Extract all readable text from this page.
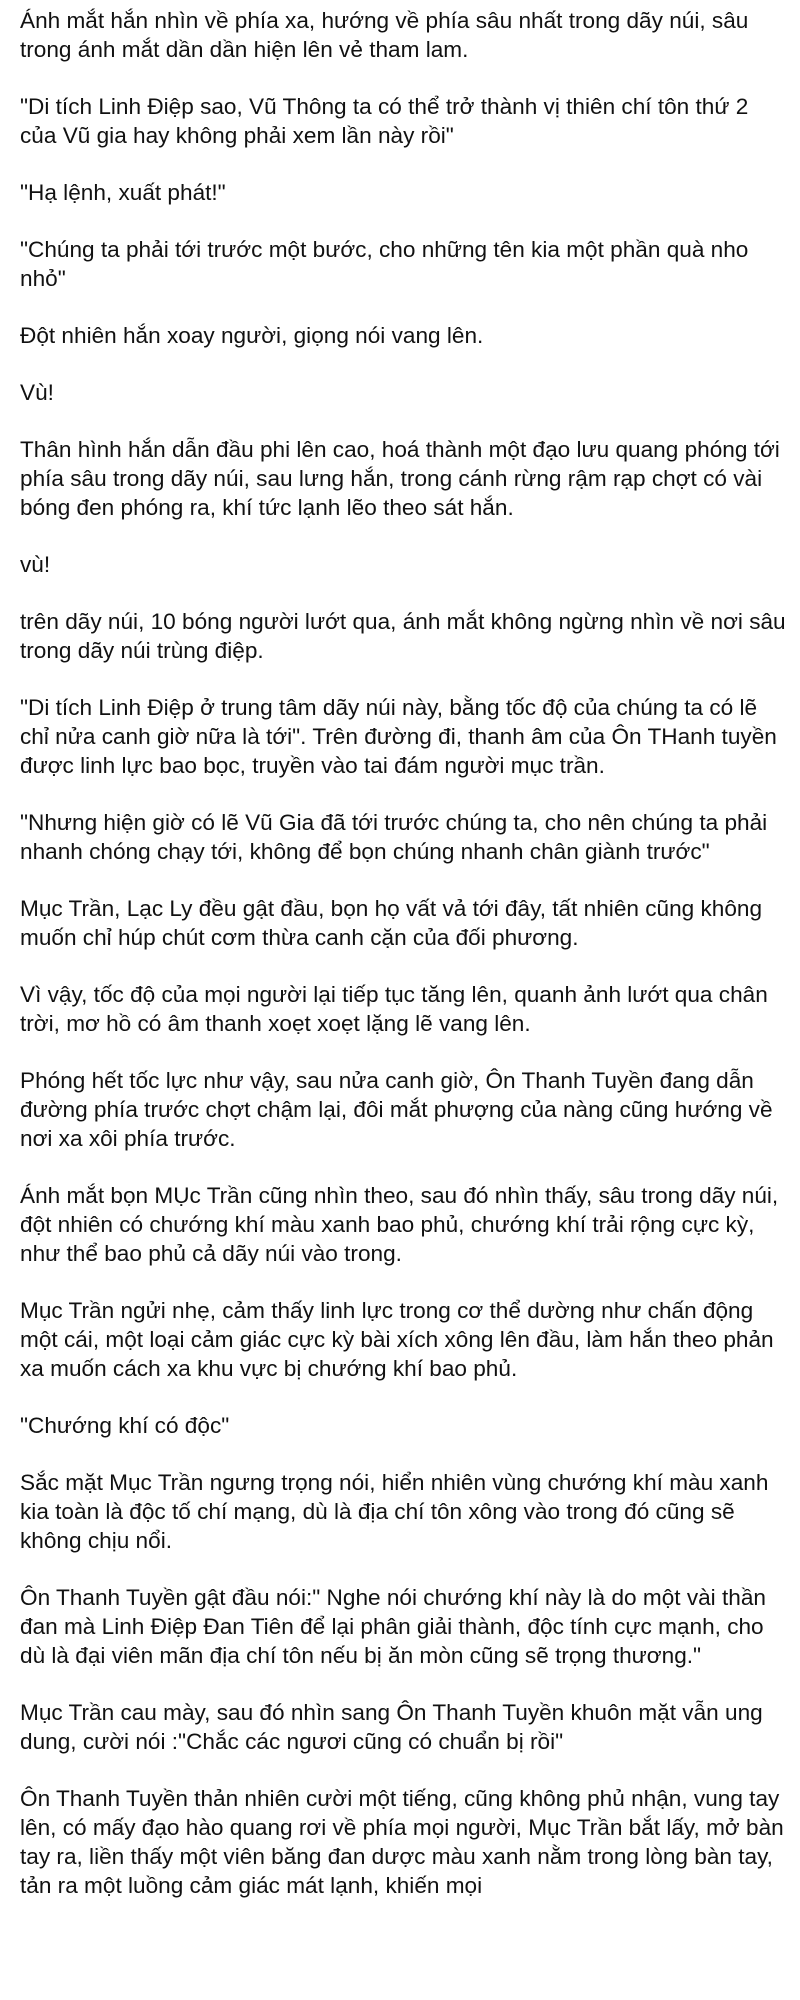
Ánh mắt hắn nhìn về phía xa, hướng về phía sâu nhất trong dãy núi, sâu trong ánh mắt dần dần hiện lên vẻ tham lam.

"Di tích Linh Điệp sao, Vũ Thông ta có thể trở thành vị thiên chí tôn thứ 2 của Vũ gia hay không phải xem lần này rồi"

"Hạ lệnh, xuất phát!"

"Chúng ta phải tới trước một bước, cho những tên kia một phần quà nho nhỏ"

Đột nhiên hắn xoay người, giọng nói vang lên.

Vù!

Thân hình hắn dẫn đầu phi lên cao, hoá thành một đạo lưu quang phóng tới phía sâu trong dãy núi, sau lưng hắn, trong cánh rừng rậm rạp chợt có vài bóng đen phóng ra, khí tức lạnh lẽo theo sát hắn.

vù!

trên dãy núi, 10 bóng người lướt qua, ánh mắt không ngừng nhìn về nơi sâu trong dãy núi trùng điệp.

"Di tích Linh Điệp ở trung tâm dãy núi này, bằng tốc độ của chúng ta có lẽ chỉ nửa canh giờ nữa là tới". Trên đường đi, thanh âm của Ôn THanh tuyền được linh lực bao bọc, truyền vào tai đám người mục trần.

"Nhưng hiện giờ có lẽ Vũ Gia đã tới trước chúng ta, cho nên chúng ta phải nhanh chóng chạy tới, không để bọn chúng nhanh chân giành trước"

Mục Trần, Lạc Ly đều gật đầu, bọn họ vất vả tới đây, tất nhiên cũng không muốn chỉ húp chút cơm thừa canh cặn của đối phương.

Vì vậy, tốc độ của mọi người lại tiếp tục tăng lên, quanh ảnh lướt qua chân trời, mơ hồ có âm thanh xoẹt xoẹt lặng lẽ vang lên.

Phóng hết tốc lực như vậy, sau nửa canh giờ, Ôn Thanh Tuyền đang dẫn đường phía trước chợt chậm lại, đôi mắt phượng của nàng cũng hướng về nơi xa xôi phía trước.

Ánh mắt bọn MỤc Trần cũng nhìn theo, sau đó nhìn thấy, sâu trong dãy núi, đột nhiên có chướng khí màu xanh bao phủ, chướng khí trải rộng cực kỳ, như thể bao phủ cả dãy núi vào trong.

Mục Trần ngửi nhẹ, cảm thấy linh lực trong cơ thể dường như chấn động một cái, một loại cảm giác cực kỳ bài xích xông lên đầu, làm hắn theo phản xa muốn cách xa khu vực bị chướng khí bao phủ.

"Chướng khí có độc"

Sắc mặt Mục Trần ngưng trọng nói, hiển nhiên vùng chướng khí màu xanh kia toàn là độc tố chí mạng, dù là địa chí tôn xông vào trong đó cũng sẽ không chịu nổi.

Ôn Thanh Tuyền gật đầu nói:" Nghe nói chướng khí này là do một vài thần đan mà Linh Điệp Đan Tiên để lại phân giải thành, độc tính cực mạnh, cho dù là đại viên mãn địa chí tôn nếu bị ăn mòn cũng sẽ trọng thương."

Mục Trần cau mày, sau đó nhìn sang Ôn Thanh Tuyền khuôn mặt vẫn ung dung, cười nói :"Chắc các ngươi cũng có chuẩn bị rồi"

Ôn Thanh Tuyền thản nhiên cười một tiếng, cũng không phủ nhận, vung tay lên, có mấy đạo hào quang rơi về phía mọi người, Mục Trần bắt lấy, mở bàn tay ra, liền thấy một viên băng đan dược màu xanh nằm trong lòng bàn tay, tản ra một luồng cảm giác mát lạnh, khiến mọi
